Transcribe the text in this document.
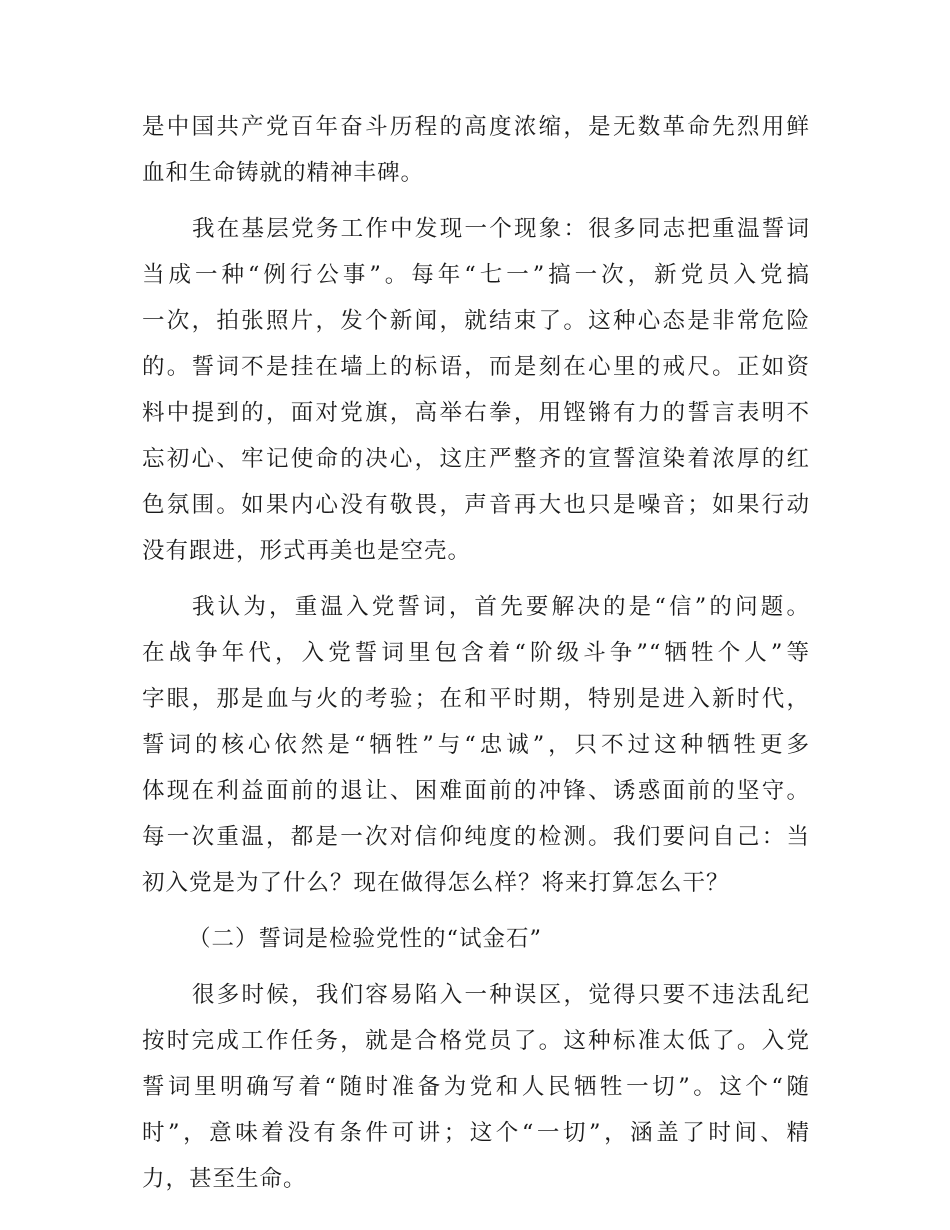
是中国共产党百年奋斗历程的高度浓缩，是无数革命先烈用鲜
血和生命铸就的精神丰碑。
我在基层党务工作中发现一个现象：很多同志把重温誓词
当成一种“例行公事”。每年“七一”搞一次，新党员入党搞
一次，拍张照片，发个新闻，就结束了。这种心态是非常危险
的。誓词不是挂在墙上的标语，而是刻在心里的戒尺。正如资
料中提到的，面对党旗，高举右拳，用铿锵有力的誓言表明不
忘初心、牢记使命的决心，这庄严整齐的宣誓渲染着浓厚的红
色氛围。如果内心没有敬畏，声音再大也只是噪音；如果行动
没有跟进，形式再美也是空壳。
我认为，重温入党誓词，首先要解决的是“信”的问题。
在战争年代，入党誓词里包含着“阶级斗争”“牺牲个人”等
字眼，那是血与火的考验；在和平时期，特别是进入新时代，
誓词的核心依然是“牺牲”与“忠诚”，只不过这种牺牲更多
体现在利益面前的退让、困难面前的冲锋、诱惑面前的坚守。
每一次重温，都是一次对信仰纯度的检测。我们要问自己：当
初入党是为了什么？现在做得怎么样？将来打算怎么干？
（二）誓词是检验党性的“试金石”
很多时候，我们容易陷入一种误区，觉得只要不违法乱纪
按时完成工作任务，就是合格党员了。这种标准太低了。入党
誓词里明确写着“随时准备为党和人民牺牲一切”。这个“随
时”，意味着没有条件可讲；这个“一切”，涵盖了时间、精
力，甚至生命。
